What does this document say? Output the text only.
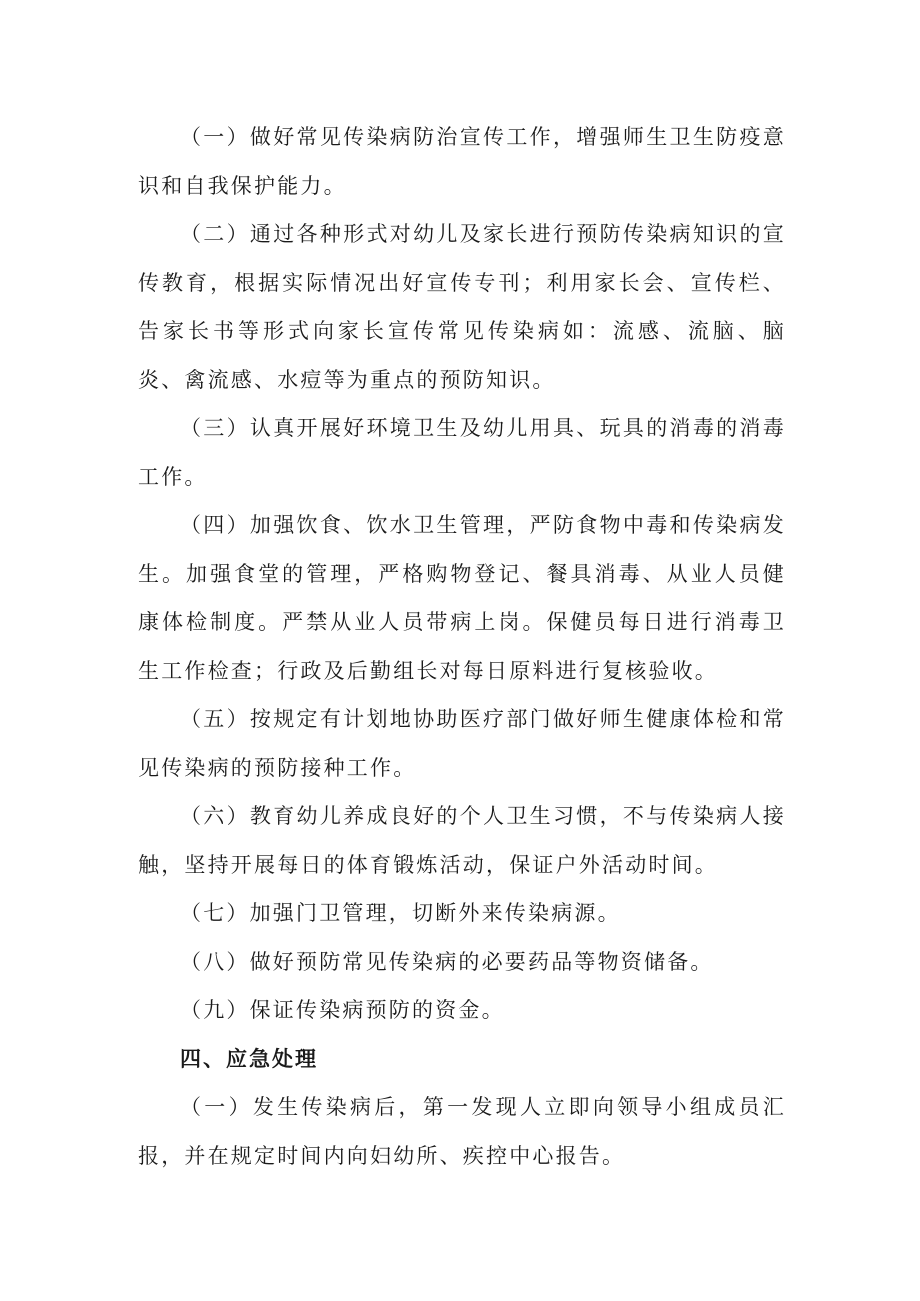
（一）做好常见传染病防治宣传工作，增强师生卫生防疫意识和自我保护能力。

（二）通过各种形式对幼儿及家长进行预防传染病知识的宣传教育，根据实际情况出好宣传专刊；利用家长会、宣传栏、告家长书等形式向家长宣传常见传染病如：流感、流脑、脑炎、禽流感、水痘等为重点的预防知识。

（三）认真开展好环境卫生及幼儿用具、玩具的消毒的消毒工作。

（四）加强饮食、饮水卫生管理，严防食物中毒和传染病发生。加强食堂的管理，严格购物登记、餐具消毒、从业人员健康体检制度。严禁从业人员带病上岗。保健员每日进行消毒卫生工作检查；行政及后勤组长对每日原料进行复核验收。

（五）按规定有计划地协助医疗部门做好师生健康体检和常见传染病的预防接种工作。

（六）教育幼儿养成良好的个人卫生习惯，不与传染病人接触，坚持开展每日的体育锻炼活动，保证户外活动时间。

（七）加强门卫管理，切断外来传染病源。

（八）做好预防常见传染病的必要药品等物资储备。

（九）保证传染病预防的资金。

四、应急处理

（一）发生传染病后，第一发现人立即向领导小组成员汇报，并在规定时间内向妇幼所、疾控中心报告。
